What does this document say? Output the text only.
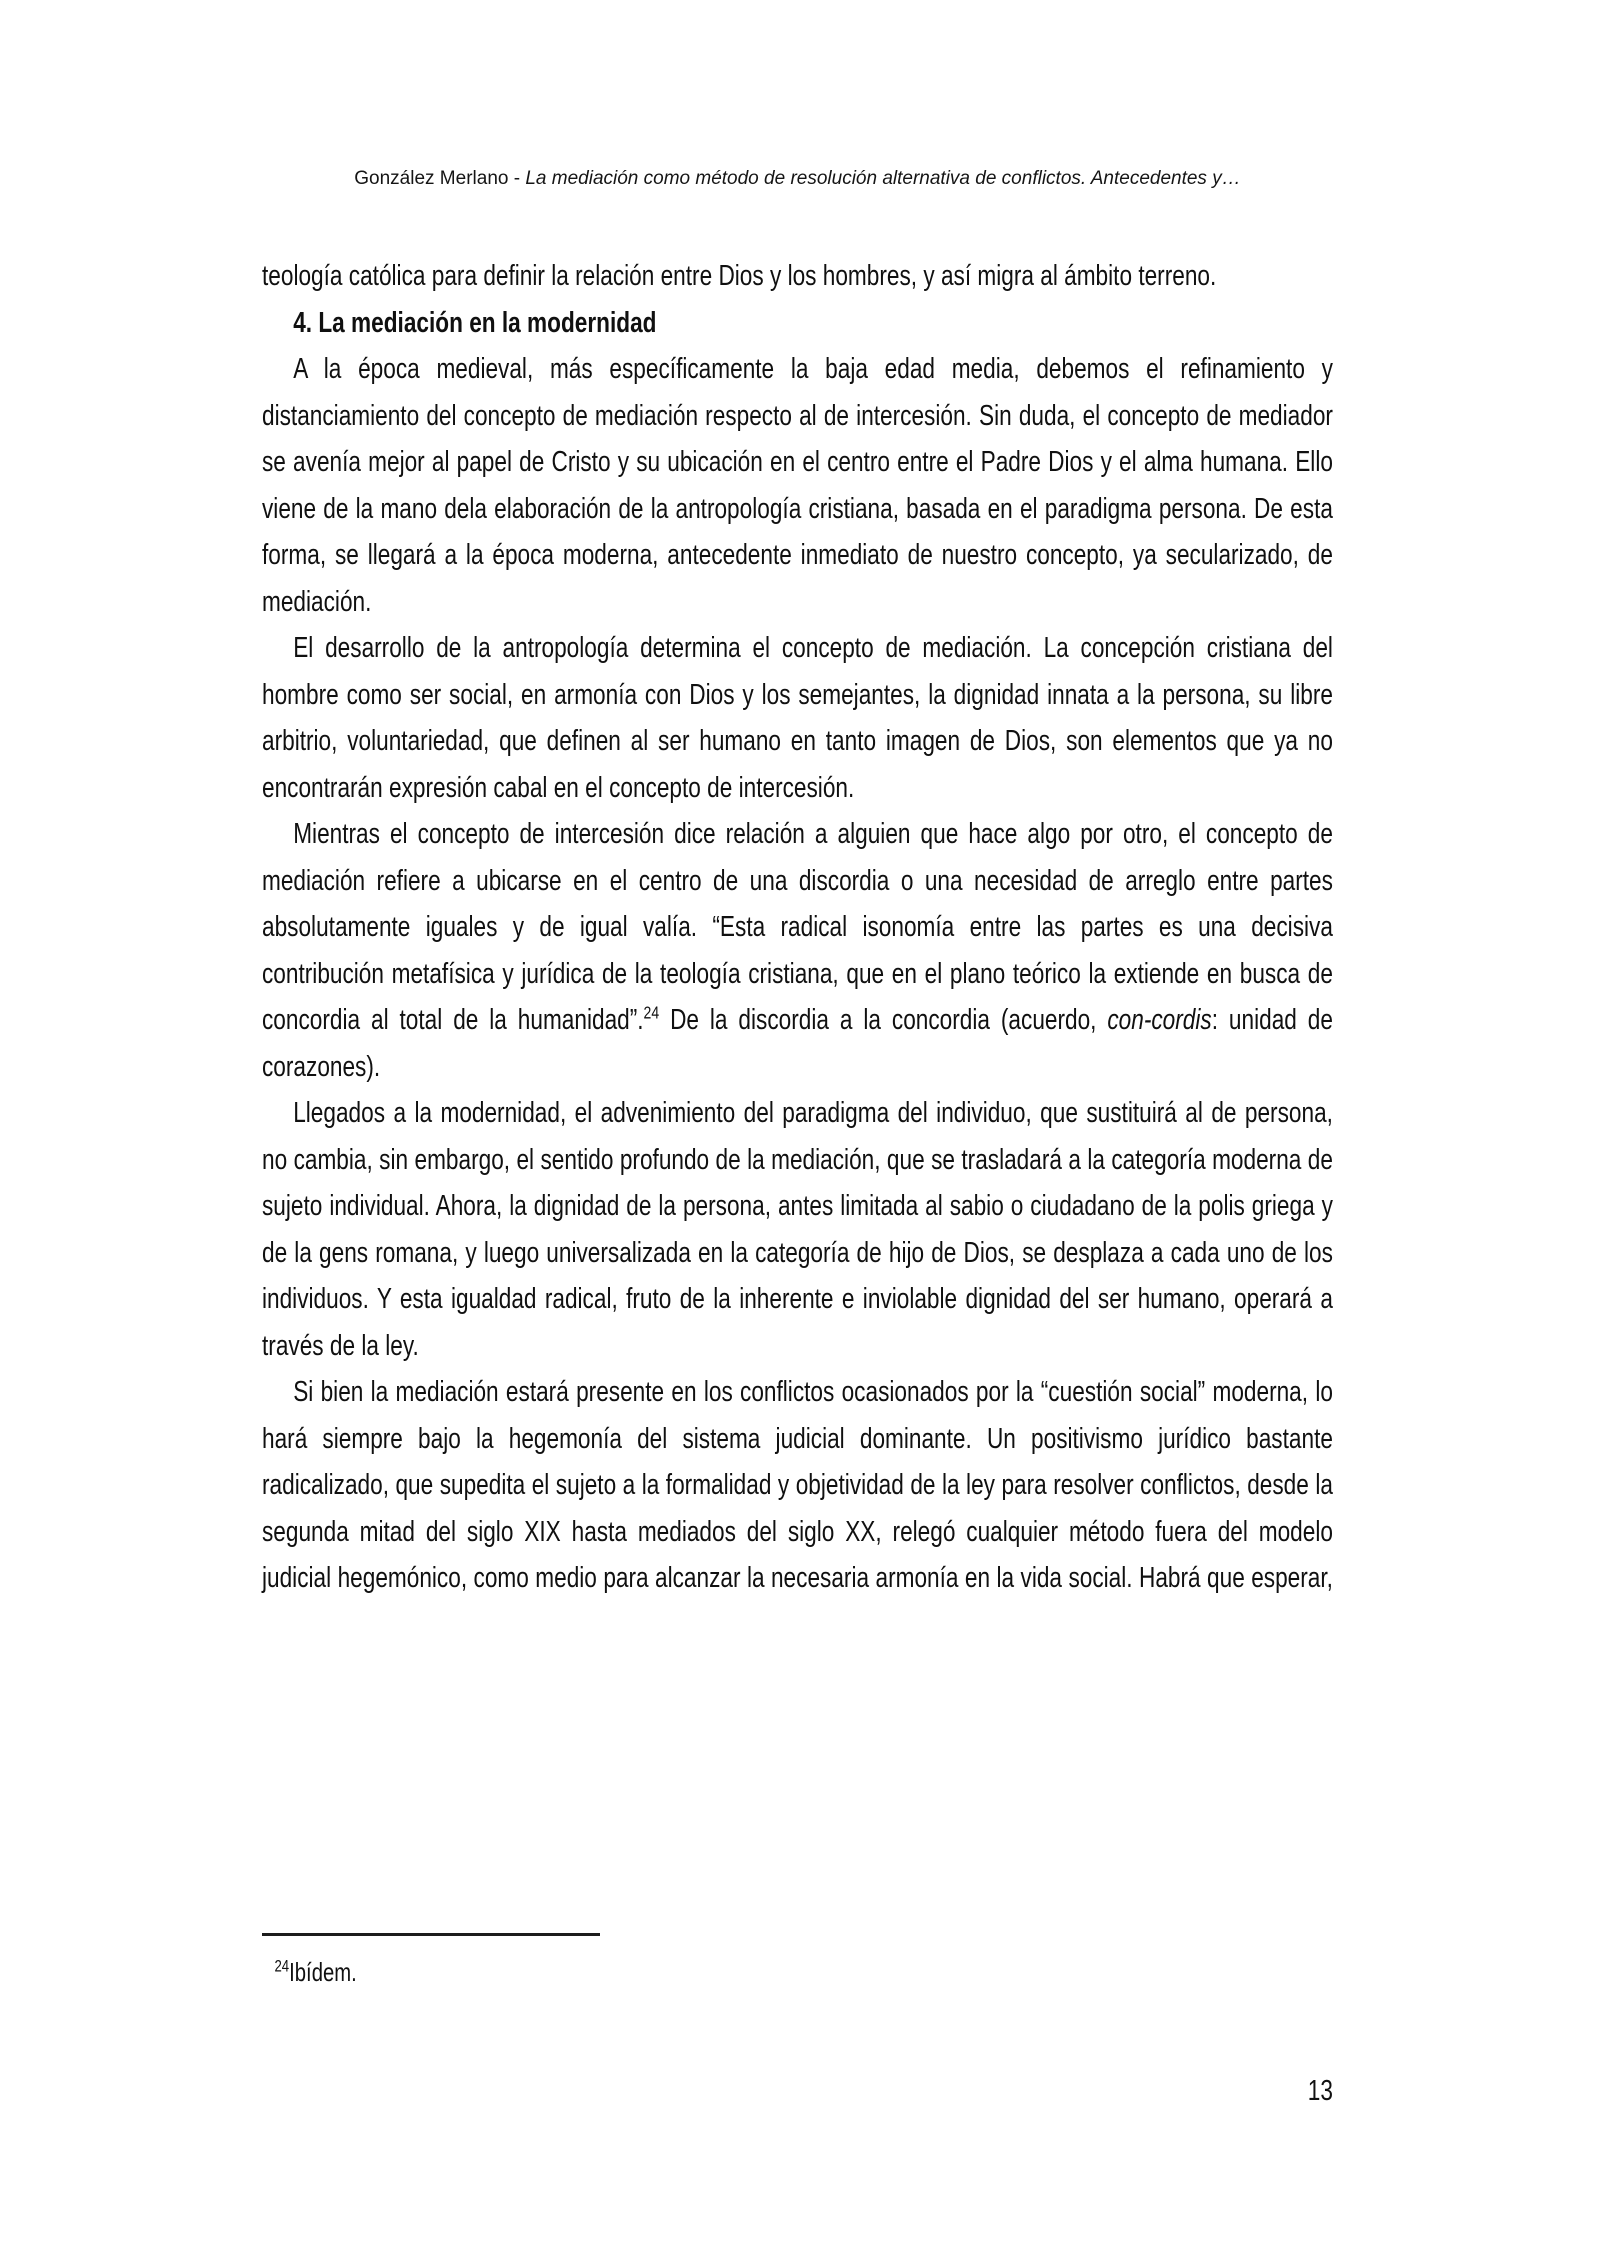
González Merlano - La mediación como método de resolución alternativa de conflictos. Antecedentes y…

teología católica para definir la relación entre Dios y los hombres, y así migra al ámbito terreno.

4. La mediación en la modernidad

A la época medieval, más específicamente la baja edad media, debemos el refinamiento y distanciamiento del concepto de mediación respecto al de intercesión. Sin duda, el concepto de mediador se avenía mejor al papel de Cristo y su ubicación en el centro entre el Padre Dios y el alma humana. Ello viene de la mano dela elaboración de la antropología cristiana, basada en el paradigma persona. De esta forma, se llegará a la época moderna, antecedente inmediato de nuestro concepto, ya secularizado, de mediación.

El desarrollo de la antropología determina el concepto de mediación. La concepción cristiana del hombre como ser social, en armonía con Dios y los semejantes, la dignidad innata a la persona, su libre arbitrio, voluntariedad, que definen al ser humano en tanto imagen de Dios, son elementos que ya no encontrarán expresión cabal en el concepto de intercesión.

Mientras el concepto de intercesión dice relación a alguien que hace algo por otro, el concepto de mediación refiere a ubicarse en el centro de una discordia o una necesidad de arreglo entre partes absolutamente iguales y de igual valía. “Esta radical isonomía entre las partes es una decisiva contribución metafísica y jurídica de la teología cristiana, que en el plano teórico la extiende en busca de concordia al total de la humanidad”.$^{24}$ De la discordia a la concordia (acuerdo, con-cordis: unidad de corazones).

Llegados a la modernidad, el advenimiento del paradigma del individuo, que sustituirá al de persona, no cambia, sin embargo, el sentido profundo de la mediación, que se trasladará a la categoría moderna de sujeto individual. Ahora, la dignidad de la persona, antes limitada al sabio o ciudadano de la polis griega y de la gens romana, y luego universalizada en la categoría de hijo de Dios, se desplaza a cada uno de los individuos. Y esta igualdad radical, fruto de la inherente e inviolable dignidad del ser humano, operará a través de la ley.

Si bien la mediación estará presente en los conflictos ocasionados por la “cuestión social” moderna, lo hará siempre bajo la hegemonía del sistema judicial dominante. Un positivismo jurídico bastante radicalizado, que supedita el sujeto a la formalidad y objetividad de la ley para resolver conflictos, desde la segunda mitad del siglo XIX hasta mediados del siglo XX, relegó cualquier método fuera del modelo judicial hegemónico, como medio para alcanzar la necesaria armonía en la vida social. Habrá que esperar,

$^{24}$Ibídem.
13
